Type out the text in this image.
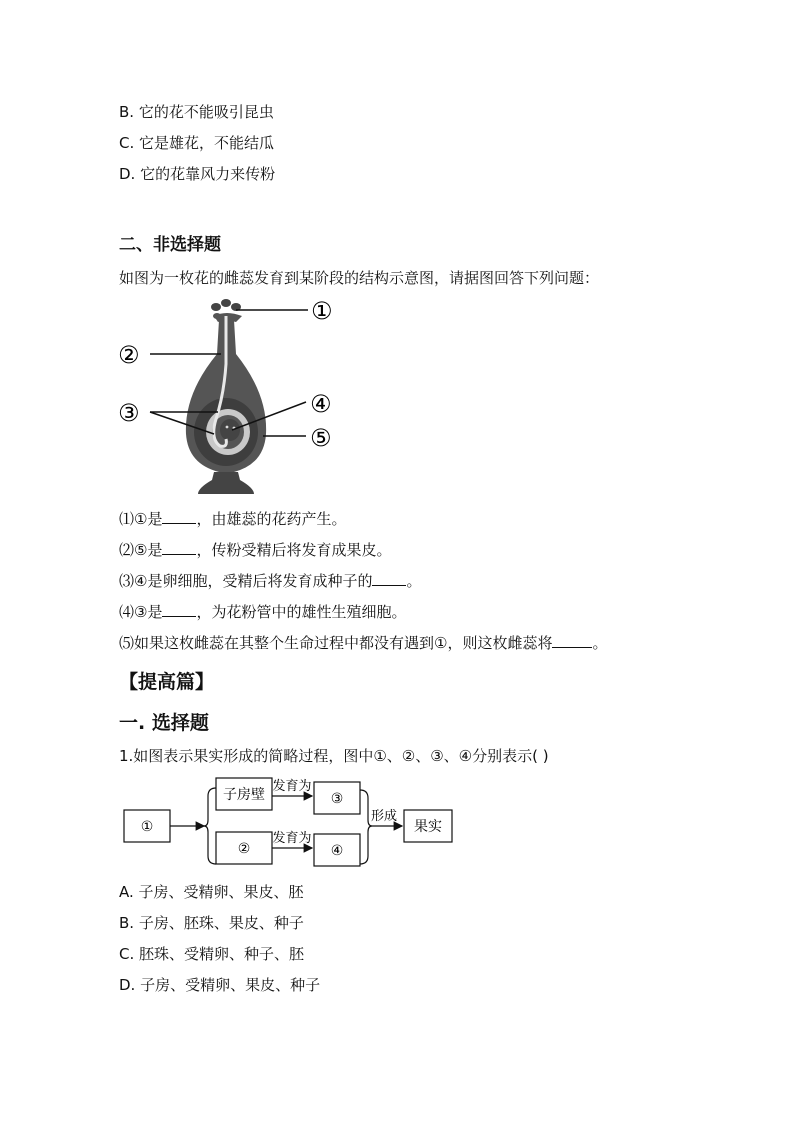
B. 它的花不能吸引昆虫
C. 它是雄花，不能结瓜
D. 它的花靠风力来传粉
二、非选择题
如图为一枚花的雌蕊发育到某阶段的结构示意图，请据图回答下列问题：
①
②
③	④
⑤
⑴①是 ，由雄蕊的花药产生。
⑵⑤是 ，传粉受精后将发育成果皮。
⑶④是卵细胞，受精后将发育成种子的 。
⑷③是 ，为花粉管中的雄性生殖细胞。
⑸如果这枚雌蕊在其整个生命过程中都没有遇到①，则这枚雌蕊将	。
【提高篇】
一. 选择题
1.如图表示果实形成的简略过程，图中①、②、③、④分别表示( )
①
子房壁
②
发育为
发育为
③
④
形成
果实
A. 子房、受精卵、果皮、胚
B. 子房、胚珠、果皮、种子
C. 胚珠、受精卵、种子、胚
D. 子房、受精卵、果皮、种子
